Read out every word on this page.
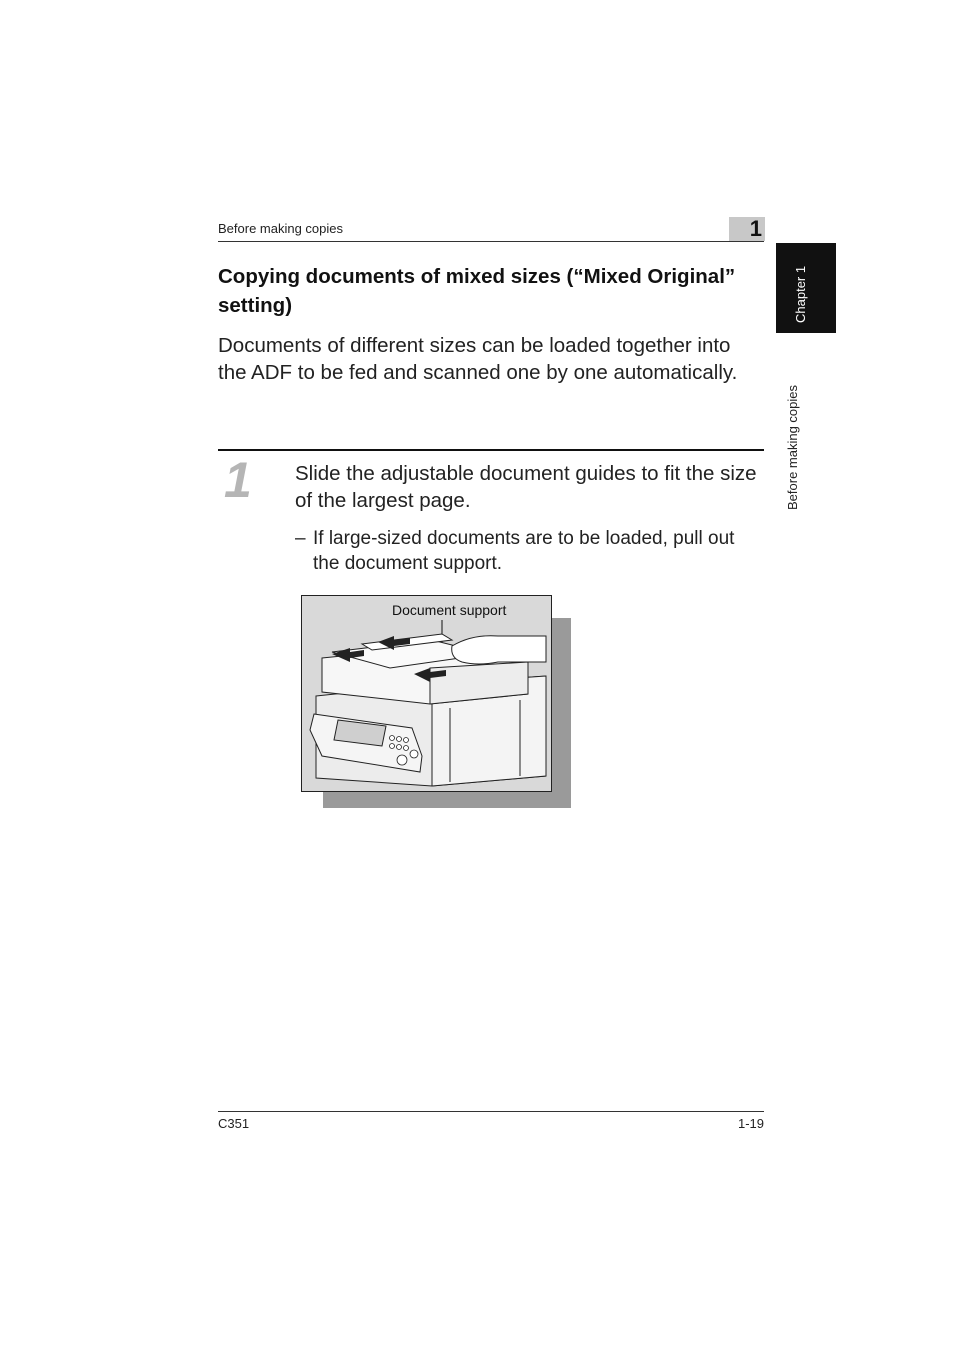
Before making copies	1
Chapter 1
Before making copies
Copying documents of mixed sizes (“Mixed Original” setting)
Documents of different sizes can be loaded together into the ADF to be fed and scanned one by one automatically.
1 Slide the adjustable document guides to fit the size of the largest page.
– If large-sized documents are to be loaded, pull out the document support.
Document support
C351	1-19
